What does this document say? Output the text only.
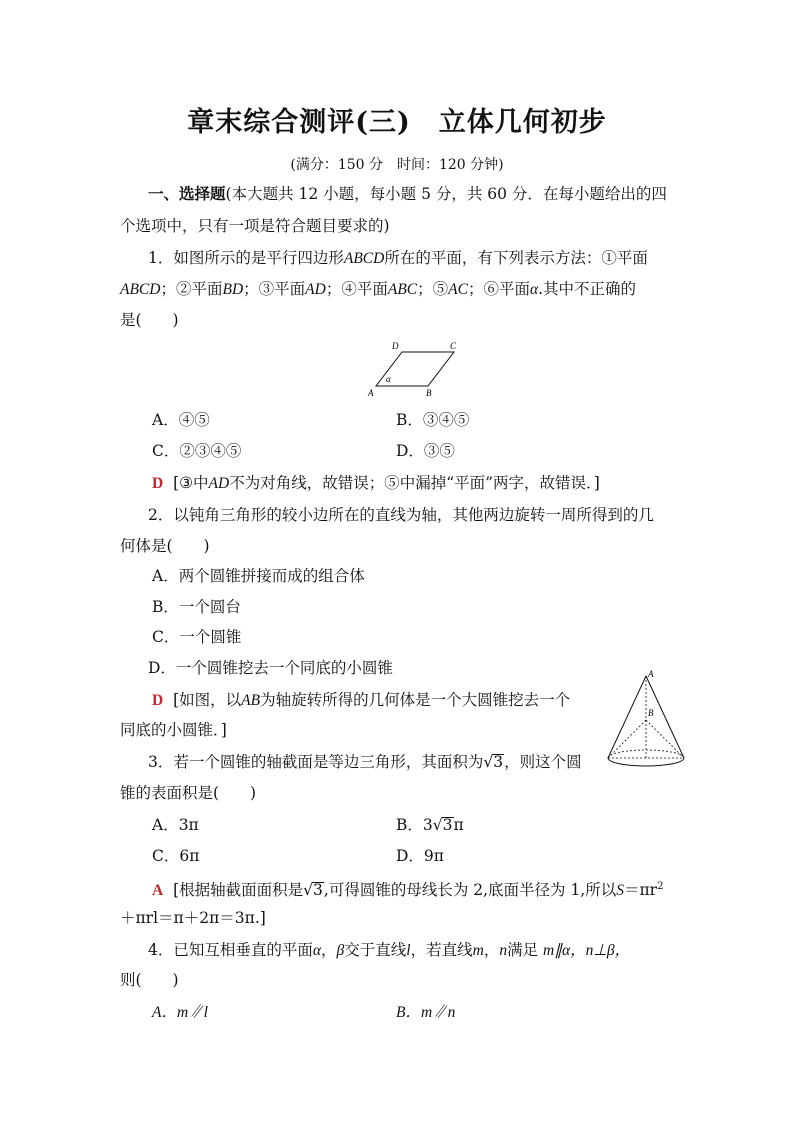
章末综合测评(三) 立体几何初步
(满分：150 分　时间：120 分钟)
一、选择题(本大题共 12 小题，每小题 5 分，共 60 分．在每小题给出的四
个选项中，只有一项是符合题目要求的)
1．如图所示的是平行四边形ABCD所在的平面，有下列表示方法：①平面
ABCD；②平面BD；③平面AD；④平面ABC；⑤AC；⑥平面α.其中不正确的
是(　　)
D	C
A	B
α
A．④⑤	B．③④⑤
C．②③④⑤	D．③⑤
D [③中AD不为对角线，故错误；⑤中漏掉“平面”两字，故错误．]
2．以钝角三角形的较小边所在的直线为轴，其他两边旋转一周所得到的几
何体是(　　)
A．两个圆锥拼接而成的组合体
B．一个圆台
C．一个圆锥
D．一个圆锥挖去一个同底的小圆锥
D [如图，以AB为轴旋转所得的几何体是一个大圆锥挖去一个
同底的小圆锥．]
A
B
3．若一个圆锥的轴截面是等边三角形，其面积为√3，则这个圆
锥的表面积是(　　)
A．3π	B．3√3π
C．6π	D．9π
A [根据轴截面面积是√3,可得圆锥的母线长为 2,底面半径为 1,所以$S=\pi r^2$
＋πrl＝π＋2π＝3π.]
4．已知互相垂直的平面α，β交于直线l，若直线m，n满足 m∥α，n⊥β，
则(　　)
A．m∥l	B．m∥n
